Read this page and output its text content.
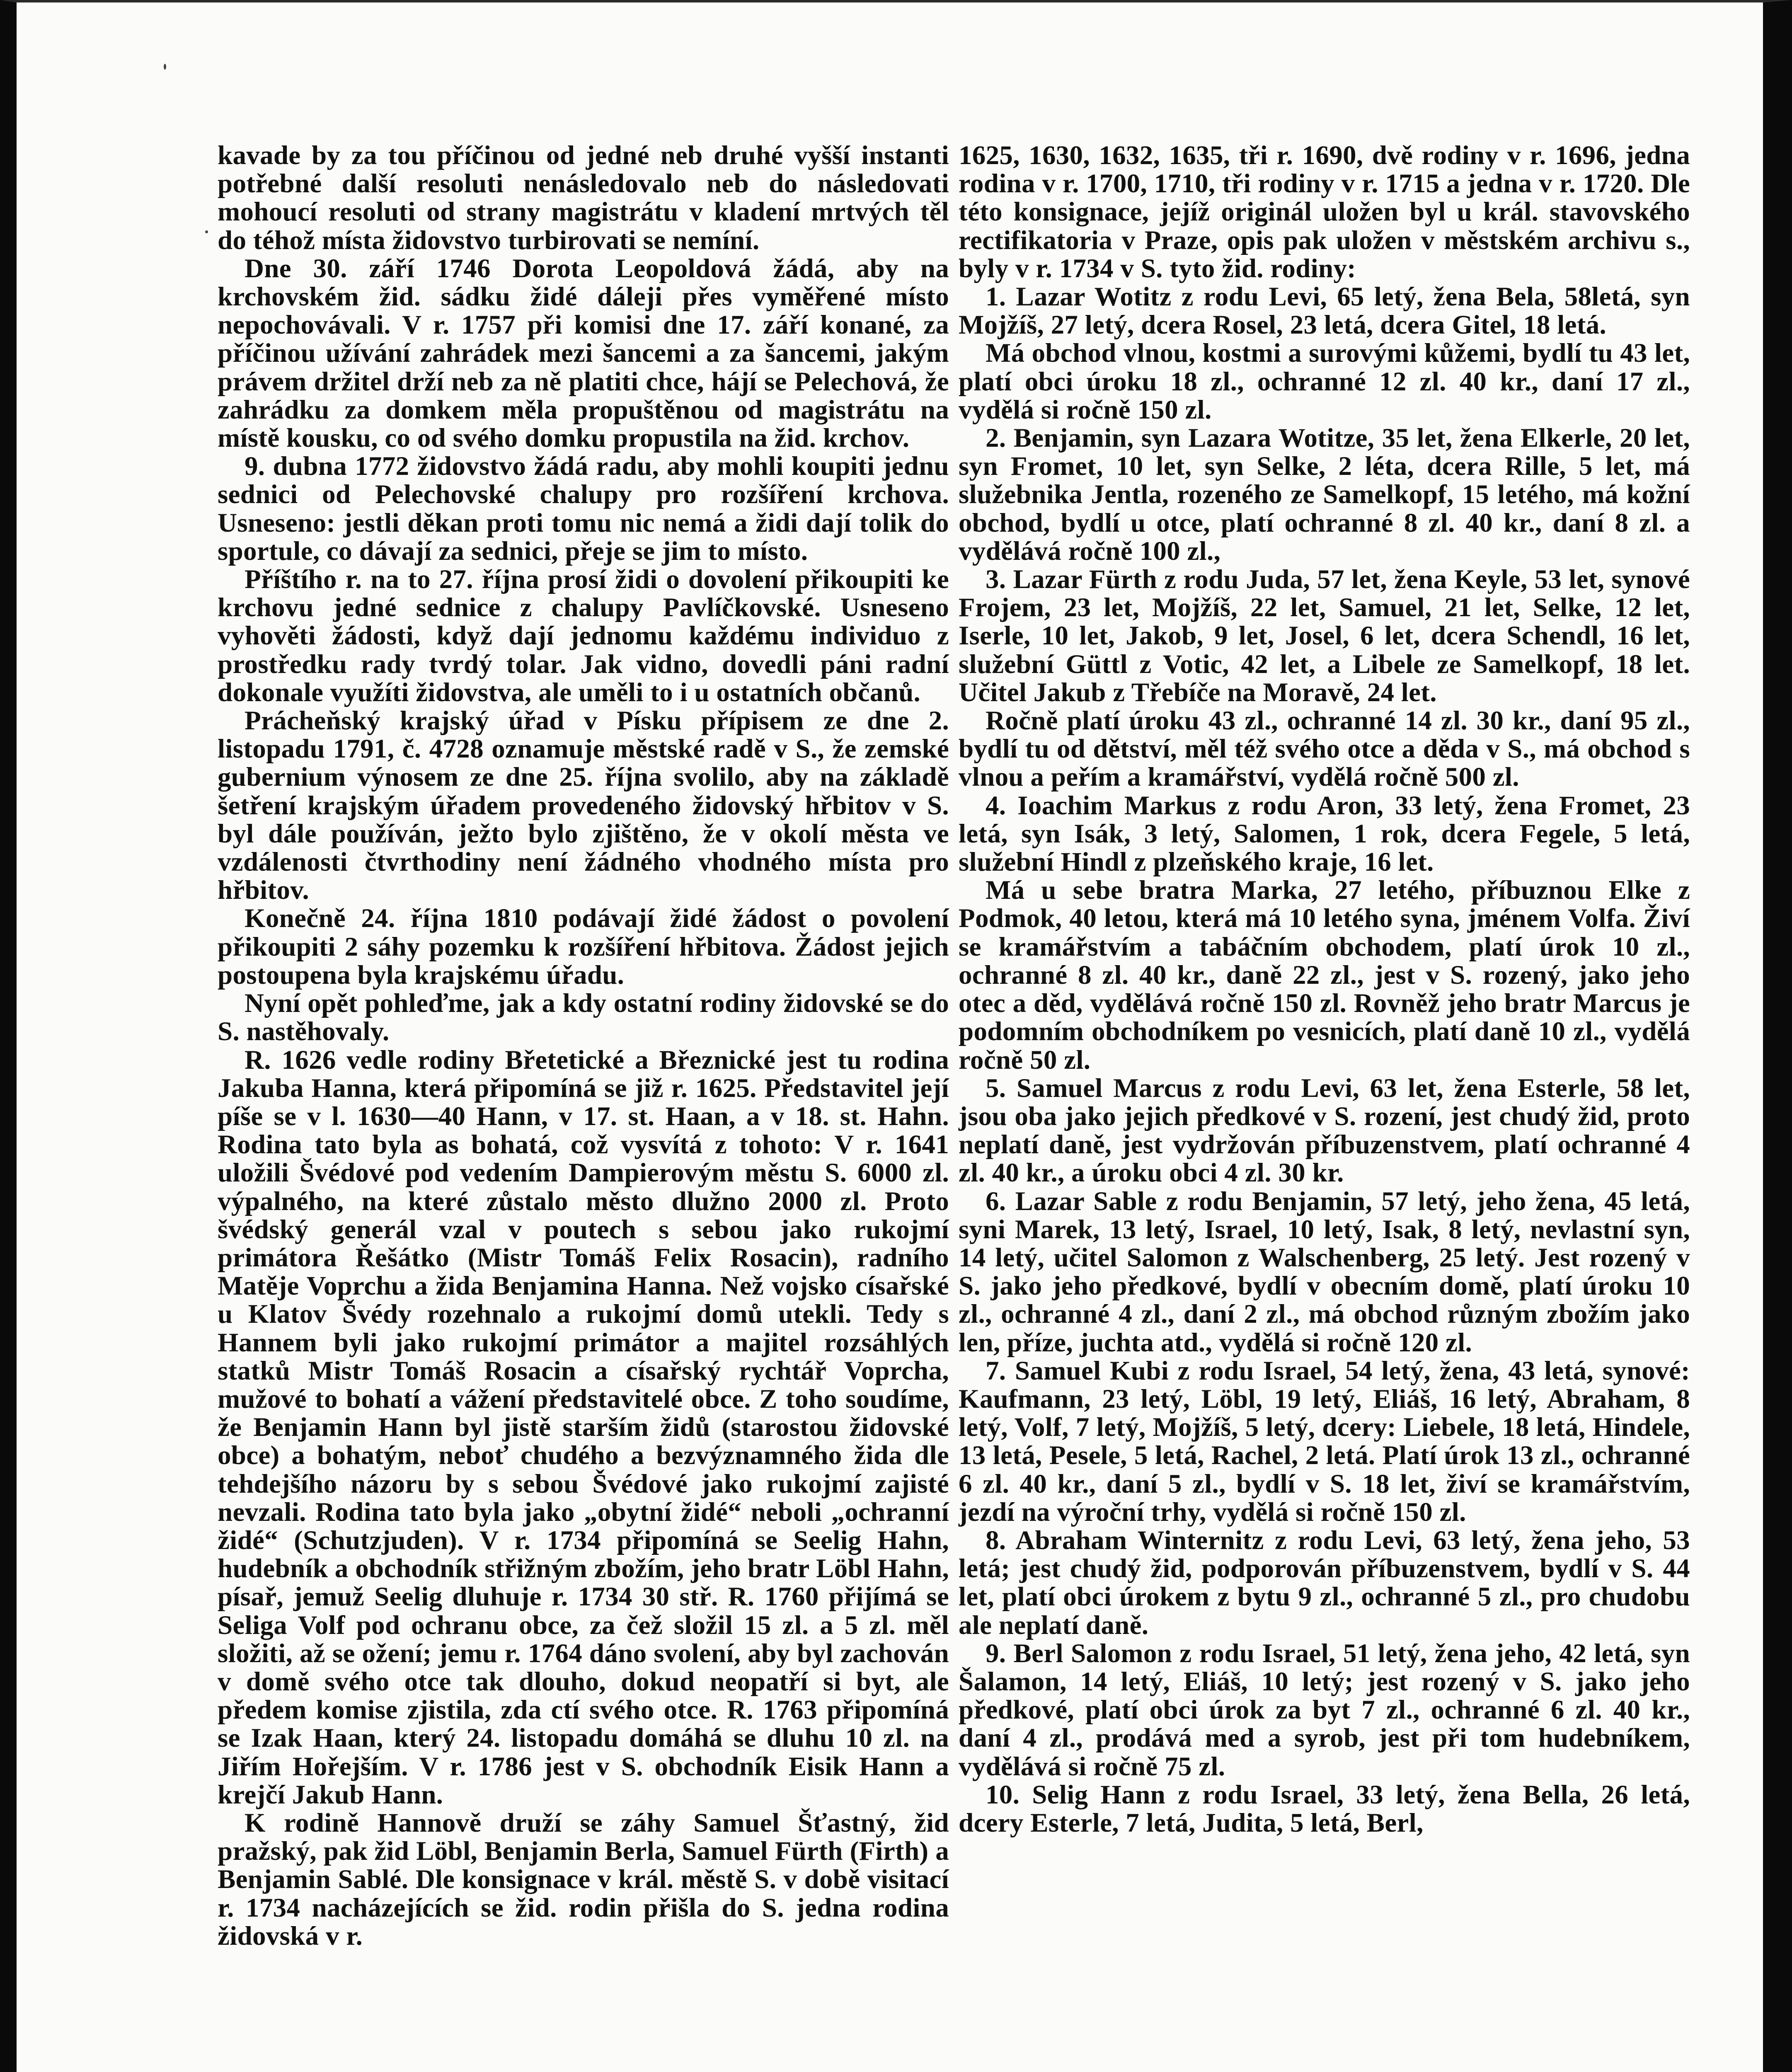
kavade by za tou příčinou od jedné neb druhé vyšší instanti potřebné další resoluti nenásledovalo neb do následovati mohoucí resoluti od strany magistrátu v kladení mrtvých těl do téhož místa židovstvo turbirovati se nemíní.

Dne 30. září 1746 Dorota Leopoldová žádá, aby na krchovském žid. sádku židé dáleji přes vyměřené místo nepochovávali. V r. 1757 při komisi dne 17. září konané, za příčinou užívání zahrádek mezi šancemi a za šancemi, jakým právem držitel drží neb za ně platiti chce, hájí se Pelechová, že zahrádku za domkem měla propuštěnou od magistrátu na místě kousku, co od svého domku propustila na žid. krchov.

9. dubna 1772 židovstvo žádá radu, aby mohli koupiti jednu sednici od Pelechovské chalupy pro rozšíření krchova. Usneseno: jestli děkan proti tomu nic nemá a židi dají tolik do sportule, co dávají za sednici, přeje se jim to místo.

Příštího r. na to 27. října prosí židi o dovolení přikoupiti ke krchovu jedné sednice z chalupy Pavlíčkovské. Usneseno vyhověti žádosti, když dají jednomu každému individuo z prostředku rady tvrdý tolar. Jak vidno, dovedli páni radní dokonale využíti židovstva, ale uměli to i u ostatních občanů.

Prácheňský krajský úřad v Písku přípisem ze dne 2. listopadu 1791, č. 4728 oznamuje městské radě v S., že zemské gubernium výnosem ze dne 25. října svolilo, aby na základě šetření krajským úřadem provedeného židovský hřbitov v S. byl dále používán, ježto bylo zjištěno, že v okolí města ve vzdálenosti čtvrthodiny není žádného vhodného místa pro hřbitov.

Konečně 24. října 1810 podávají židé žádost o povolení přikoupiti 2 sáhy pozemku k rozšíření hřbitova. Žádost jejich postoupena byla krajskému úřadu.

Nyní opět pohleďme, jak a kdy ostatní rodiny židovské se do S. nastěhovaly.

R. 1626 vedle rodiny Břetetické a Březnické jest tu rodina Jakuba Hanna, která připomíná se již r. 1625. Představitel její píše se v l. 1630—40 Hann, v 17. st. Haan, a v 18. st. Hahn. Rodina tato byla as bohatá, což vysvítá z tohoto: V r. 1641 uložili Švédové pod vedením Dampierovým městu S. 6000 zl. výpalného, na které zůstalo město dlužno 2000 zl. Proto švédský generál vzal v poutech s sebou jako rukojmí primátora Řešátko (Mistr Tomáš Felix Rosacin), radního Matěje Voprchu a žida Benjamina Hanna. Než vojsko císařské u Klatov Švédy rozehnalo a rukojmí domů utekli. Tedy s Hannem byli jako rukojmí primátor a majitel rozsáhlých statků Mistr Tomáš Rosacin a císařský rychtář Voprcha, mužové to bohatí a vážení představitelé obce. Z toho soudíme, že Benjamin Hann byl jistě starším židů (starostou židovské obce) a bohatým, neboť chudého a bezvýznamného žida dle tehdejšího názoru by s sebou Švédové jako rukojmí zajisté nevzali. Rodina tato byla jako „obytní židé“ neboli „ochranní židé“ (Schutzjuden). V r. 1734 připomíná se Seelig Hahn, hudebník a obchodník střižným zbožím, jeho bratr Löbl Hahn, písař, jemuž Seelig dluhuje r. 1734 30 stř. R. 1760 přijímá se Seliga Volf pod ochranu obce, za čež složil 15 zl. a 5 zl. měl složiti, až se ožení; jemu r. 1764 dáno svolení, aby byl zachován v domě svého otce tak dlouho, dokud neopatří si byt, ale předem komise zjistila, zda ctí svého otce. R. 1763 připomíná se Izak Haan, který 24. listopadu domáhá se dluhu 10 zl. na Jiřím Hořejším. V r. 1786 jest v S. obchodník Eisik Hann a krejčí Jakub Hann.

K rodině Hannově druží se záhy Samuel Šťastný, žid pražský, pak žid Löbl, Benjamin Berla, Samuel Fürth (Firth) a Benjamin Sablé. Dle konsignace v král. městě S. v době visitací r. 1734 nacházejících se žid. rodin přišla do S. jedna rodina židovská v r.

1625, 1630, 1632, 1635, tři r. 1690, dvě rodiny v r. 1696, jedna rodina v r. 1700, 1710, tři rodiny v r. 1715 a jedna v r. 1720. Dle této konsignace, jejíž originál uložen byl u král. stavovského rectifikatoria v Praze, opis pak uložen v městském archivu s., byly v r. 1734 v S. tyto žid. rodiny:

1. Lazar Wotitz z rodu Levi, 65 letý, žena Bela, 58letá, syn Mojžíš, 27 letý, dcera Rosel, 23 letá, dcera Gitel, 18 letá.

Má obchod vlnou, kostmi a surovými kůžemi, bydlí tu 43 let, platí obci úroku 18 zl., ochranné 12 zl. 40 kr., daní 17 zl., vydělá si ročně 150 zl.

2. Benjamin, syn Lazara Wotitze, 35 let, žena Elkerle, 20 let, syn Fromet, 10 let, syn Selke, 2 léta, dcera Rille, 5 let, má služebnika Jentla, rozeného ze Samelkopf, 15 letého, má kožní obchod, bydlí u otce, platí ochranné 8 zl. 40 kr., daní 8 zl. a vydělává ročně 100 zl.,

3. Lazar Fürth z rodu Juda, 57 let, žena Keyle, 53 let, synové Frojem, 23 let, Mojžíš, 22 let, Samuel, 21 let, Selke, 12 let, Iserle, 10 let, Jakob, 9 let, Josel, 6 let, dcera Schendl, 16 let, služební Güttl z Votic, 42 let, a Libele ze Samelkopf, 18 let. Učitel Jakub z Třebíče na Moravě, 24 let.

Ročně platí úroku 43 zl., ochranné 14 zl. 30 kr., daní 95 zl., bydlí tu od dětství, měl též svého otce a děda v S., má obchod s vlnou a peřím a kramářství, vydělá ročně 500 zl.

4. Ioachim Markus z rodu Aron, 33 letý, žena Fromet, 23 letá, syn Isák, 3 letý, Salomen, 1 rok, dcera Fegele, 5 letá, služební Hindl z plzeňského kraje, 16 let.

Má u sebe bratra Marka, 27 letého, příbuznou Elke z Podmok, 40 letou, která má 10 letého syna, jménem Volfa. Živí se kramářstvím a tabáčním obchodem, platí úrok 10 zl., ochranné 8 zl. 40 kr., daně 22 zl., jest v S. rozený, jako jeho otec a děd, vydělává ročně 150 zl. Rovněž jeho bratr Marcus je podomním obchodníkem po vesnicích, platí daně 10 zl., vydělá ročně 50 zl.

5. Samuel Marcus z rodu Levi, 63 let, žena Esterle, 58 let, jsou oba jako jejich předkové v S. rození, jest chudý žid, proto neplatí daně, jest vydržován příbuzenstvem, platí ochranné 4 zl. 40 kr., a úroku obci 4 zl. 30 kr.

6. Lazar Sable z rodu Benjamin, 57 letý, jeho žena, 45 letá, syni Marek, 13 letý, Israel, 10 letý, Isak, 8 letý, nevlastní syn, 14 letý, učitel Salomon z Walschenberg, 25 letý. Jest rozený v S. jako jeho předkové, bydlí v obecním domě, platí úroku 10 zl., ochranné 4 zl., daní 2 zl., má obchod různým zbožím jako len, příze, juchta atd., vydělá si ročně 120 zl.

7. Samuel Kubi z rodu Israel, 54 letý, žena, 43 letá, synové: Kaufmann, 23 letý, Löbl, 19 letý, Eliáš, 16 letý, Abraham, 8 letý, Volf, 7 letý, Mojžíš, 5 letý, dcery: Liebele, 18 letá, Hindele, 13 letá, Pesele, 5 letá, Rachel, 2 letá. Platí úrok 13 zl., ochranné 6 zl. 40 kr., daní 5 zl., bydlí v S. 18 let, živí se kramářstvím, jezdí na výroční trhy, vydělá si ročně 150 zl.

8. Abraham Winternitz z rodu Levi, 63 letý, žena jeho, 53 letá; jest chudý žid, podporován příbuzenstvem, bydlí v S. 44 let, platí obci úrokem z bytu 9 zl., ochranné 5 zl., pro chudobu ale neplatí daně.

9. Berl Salomon z rodu Israel, 51 letý, žena jeho, 42 letá, syn Šalamon, 14 letý, Eliáš, 10 letý; jest rozený v S. jako jeho předkové, platí obci úrok za byt 7 zl., ochranné 6 zl. 40 kr., daní 4 zl., prodává med a syrob, jest při tom hudebníkem, vydělává si ročně 75 zl.

10. Selig Hann z rodu Israel, 33 letý, žena Bella, 26 letá, dcery Esterle, 7 letá, Judita, 5 letá, Berl,
